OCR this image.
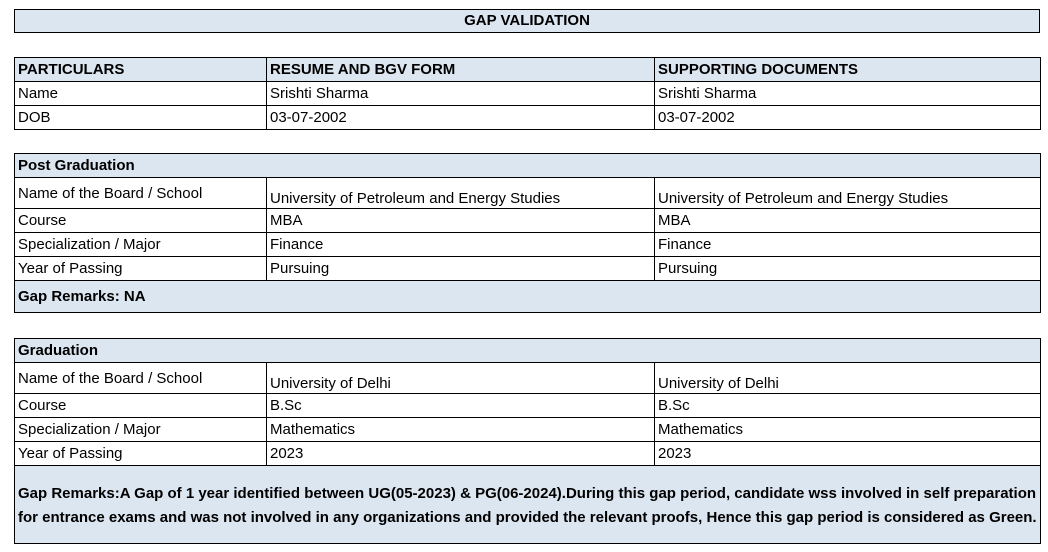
GAP VALIDATION
PARTICULARS	RESUME AND BGV FORM	SUPPORTING DOCUMENTS
Name	Srishti Sharma	Srishti Sharma
DOB	03-07-2002	03-07-2002
Post Graduation		
Name of the Board / School	University of Petroleum and Energy Studies	University of Petroleum and Energy Studies
Course	MBA	MBA
Specialization / Major	Finance	Finance
Year of Passing	Pursuing	Pursuing
Gap Remarks: NA		
Graduation		
Name of the Board / School	University of Delhi	University of Delhi
Course	B.Sc	B.Sc
Specialization / Major	Mathematics	Mathematics
Year of Passing	2023	2023
Gap Remarks:A Gap of 1 year identified between UG(05-2023) & PG(06-2024).During this gap period, candidate wss involved in self preparation for entrance exams and was not involved in any organizations and provided the relevant proofs, Hence this gap period is considered as Green.		
